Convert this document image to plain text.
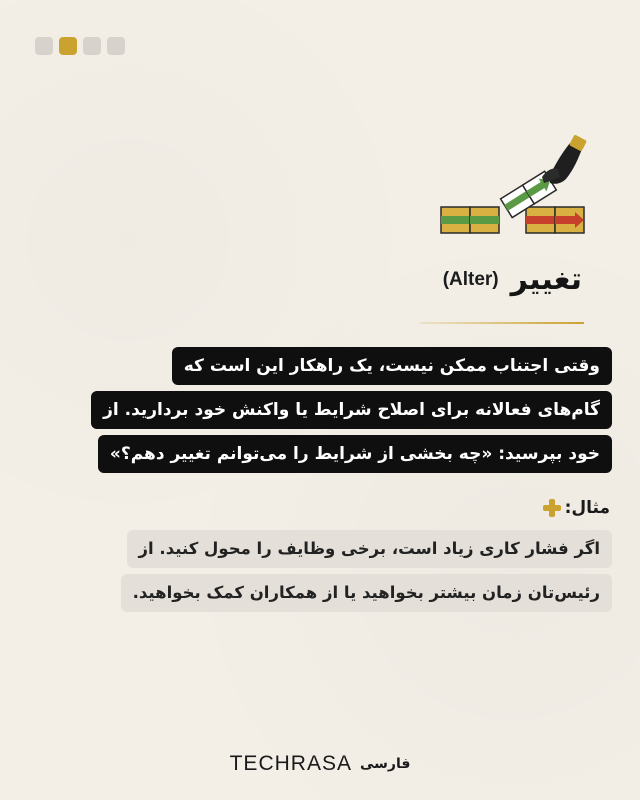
تغییر
(Alter)
وقتی اجتناب ممکن نیست، یک راهکار این است که
گام‌های فعالانه برای اصلاح شرایط یا واکنش خود بردارید. از
خود بپرسید: «چه بخشی از شرایط را می‌توانم تغییر دهم؟»
مثال:
اگر فشار کاری زیاد است، برخی وظایف را محول کنید. از
رئیس‌تان زمان بیشتر بخواهید یا از همکاران کمک بخواهید.
TECHRASA فارسی
